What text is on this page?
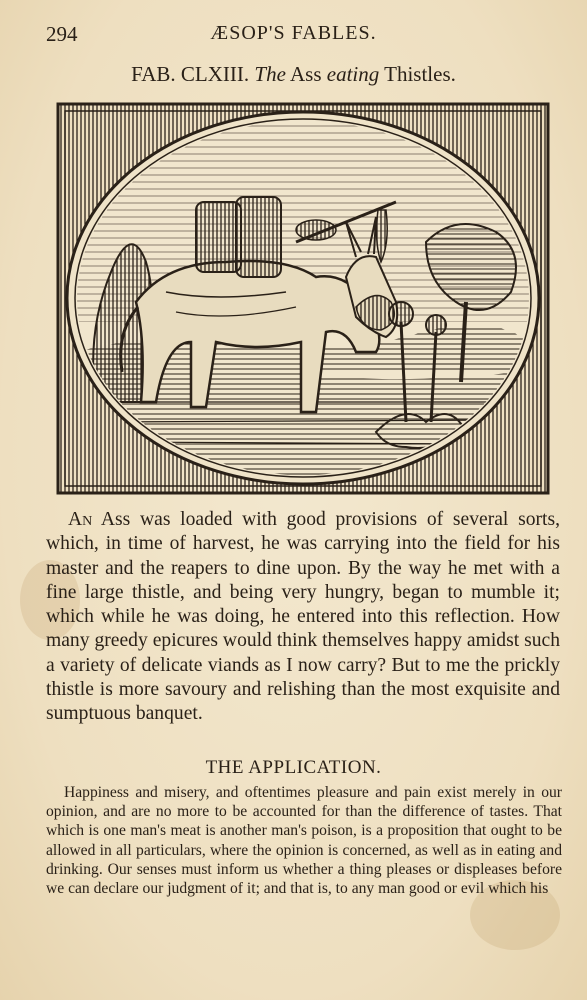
294	ÆSOP'S FABLES.
FAB. CLXIII. The Ass eating Thistles.

An Ass was loaded with good provisions of several sorts, which, in time of harvest, he was carrying into the field for his master and the reapers to dine upon. By the way he met with a fine large thistle, and being very hungry, began to mumble it; which while he was doing, he entered into this reflection. How many greedy epicures would think themselves happy amidst such a variety of delicate viands as I now carry? But to me the prickly thistle is more savoury and relishing than the most exquisite and sumptuous banquet.

THE APPLICATION.

Happiness and misery, and oftentimes pleasure and pain exist merely in our opinion, and are no more to be accounted for than the difference of tastes. That which is one man's meat is another man's poison, is a proposition that ought to be allowed in all particulars, where the opinion is concerned, as well as in eating and drinking. Our senses must inform us whether a thing pleases or displeases before we can declare our judgment of it; and that is, to any man good or evil which his
